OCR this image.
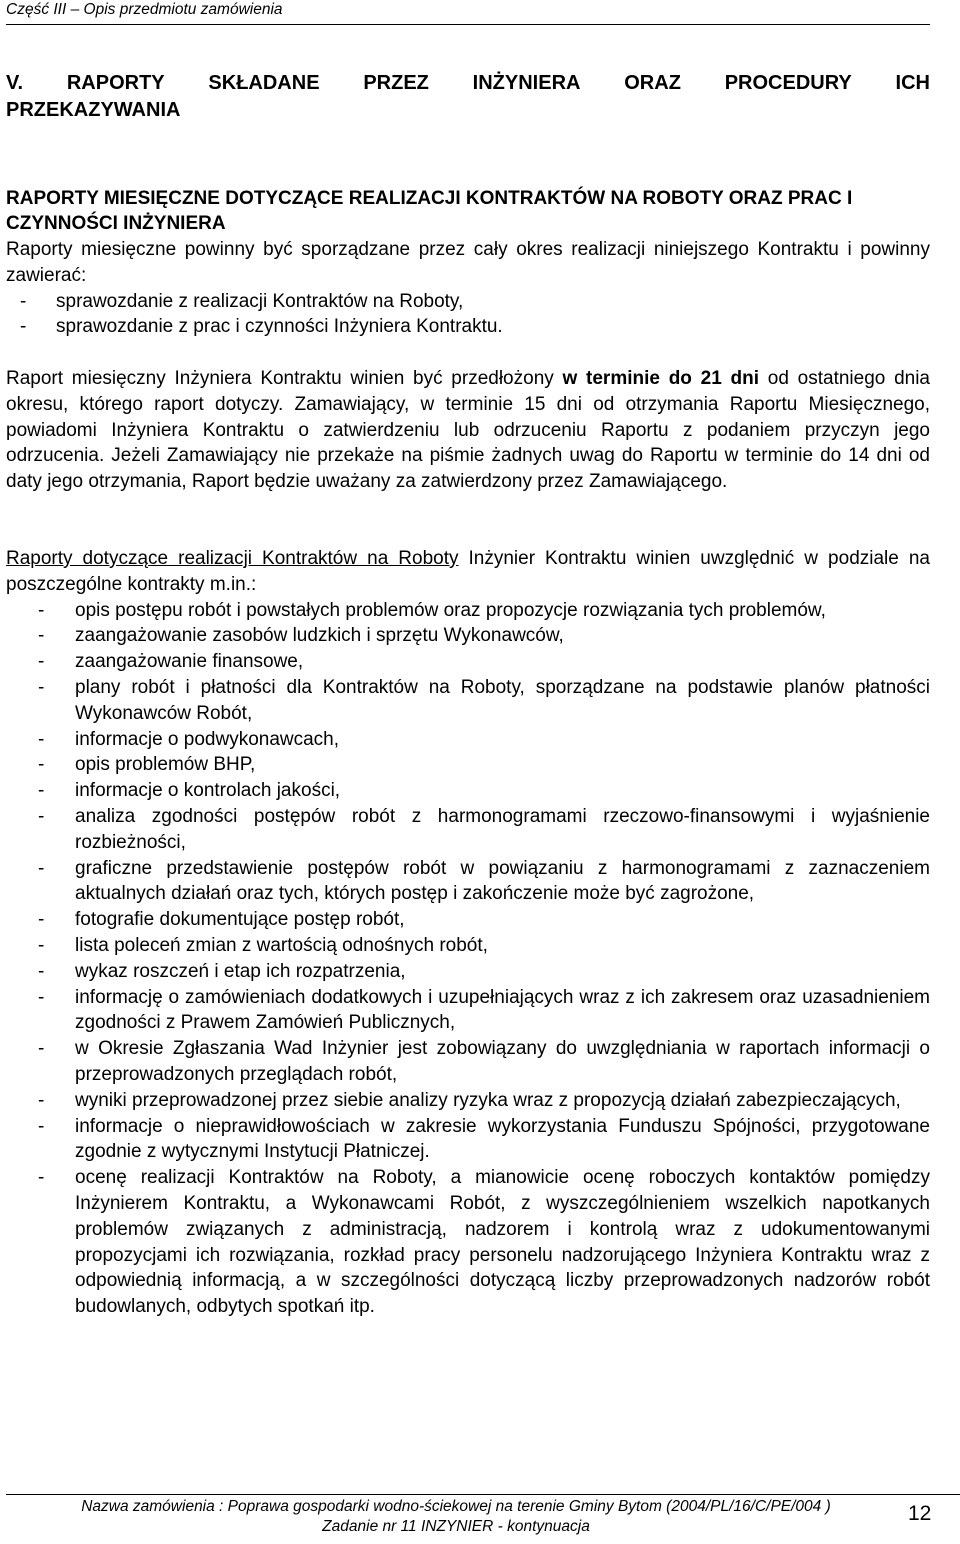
Część III – Opis przedmiotu zamówienia
V. RAPORTY SKŁADANE PRZEZ INŻYNIERA ORAZ PROCEDURY ICH
PRZEKAZYWANIA
RAPORTY MIESIĘCZNE DOTYCZĄCE REALIZACJI KONTRAKTÓW NA ROBOTY ORAZ PRAC I CZYNNOŚCI INŻYNIERA

Raporty miesięczne powinny być sporządzane przez cały okres realizacji niniejszego Kontraktu i powinny zawierać:

- sprawozdanie z realizacji Kontraktów na Roboty,
- sprawozdanie z prac i czynności Inżyniera Kontraktu.

Raport miesięczny Inżyniera Kontraktu winien być przedłożony w terminie do 21 dni od ostatniego dnia okresu, którego raport dotyczy. Zamawiający, w terminie 15 dni od otrzymania Raportu Miesięcznego, powiadomi Inżyniera Kontraktu o zatwierdzeniu lub odrzuceniu Raportu z podaniem przyczyn jego odrzucenia. Jeżeli Zamawiający nie przekaże na piśmie żadnych uwag do Raportu w terminie do 14 dni od daty jego otrzymania, Raport będzie uważany za zatwierdzony przez Zamawiającego.

Raporty dotyczące realizacji Kontraktów na Roboty Inżynier Kontraktu winien uwzględnić w podziale na poszczególne kontrakty m.in.:

- opis postępu robót i powstałych problemów oraz propozycje rozwiązania tych problemów,
- zaangażowanie zasobów ludzkich i sprzętu Wykonawców,
- zaangażowanie finansowe,
- plany robót i płatności dla Kontraktów na Roboty, sporządzane na podstawie planów płatności Wykonawców Robót,
- informacje o podwykonawcach,
- opis problemów BHP,
- informacje o kontrolach jakości,
- analiza zgodności postępów robót z harmonogramami rzeczowo-finansowymi i wyjaśnienie rozbieżności,
- graficzne przedstawienie postępów robót w powiązaniu z harmonogramami z zaznaczeniem aktualnych działań oraz tych, których postęp i zakończenie może być zagrożone,
- fotografie dokumentujące postęp robót,
- lista poleceń zmian z wartością odnośnych robót,
- wykaz roszczeń i etap ich rozpatrzenia,
- informację o zamówieniach dodatkowych i uzupełniających wraz z ich zakresem oraz uzasadnieniem zgodności z Prawem Zamówień Publicznych,
- w Okresie Zgłaszania Wad Inżynier jest zobowiązany do uwzględniania w raportach informacji o przeprowadzonych przeglądach robót,
- wyniki przeprowadzonej przez siebie analizy ryzyka wraz z propozycją działań zabezpieczających,
- informacje o nieprawidłowościach w zakresie wykorzystania Funduszu Spójności, przygotowane zgodnie z wytycznymi Instytucji Płatniczej.
- ocenę realizacji Kontraktów na Roboty, a mianowicie ocenę roboczych kontaktów pomiędzy Inżynierem Kontraktu, a Wykonawcami Robót, z wyszczególnieniem wszelkich napotkanych problemów związanych z administracją, nadzorem i kontrolą wraz z udokumentowanymi propozycjami ich rozwiązania, rozkład pracy personelu nadzorującego Inżyniera Kontraktu wraz z odpowiednią informacją, a w szczególności dotyczącą liczby przeprowadzonych nadzorów robót budowlanych, odbytych spotkań itp.
Nazwa zamówienia : Poprawa gospodarki wodno-ściekowej na terenie Gminy Bytom (2004/PL/16/C/PE/004 )
Zadanie nr 11 INZYNIER - kontynuacja
12
